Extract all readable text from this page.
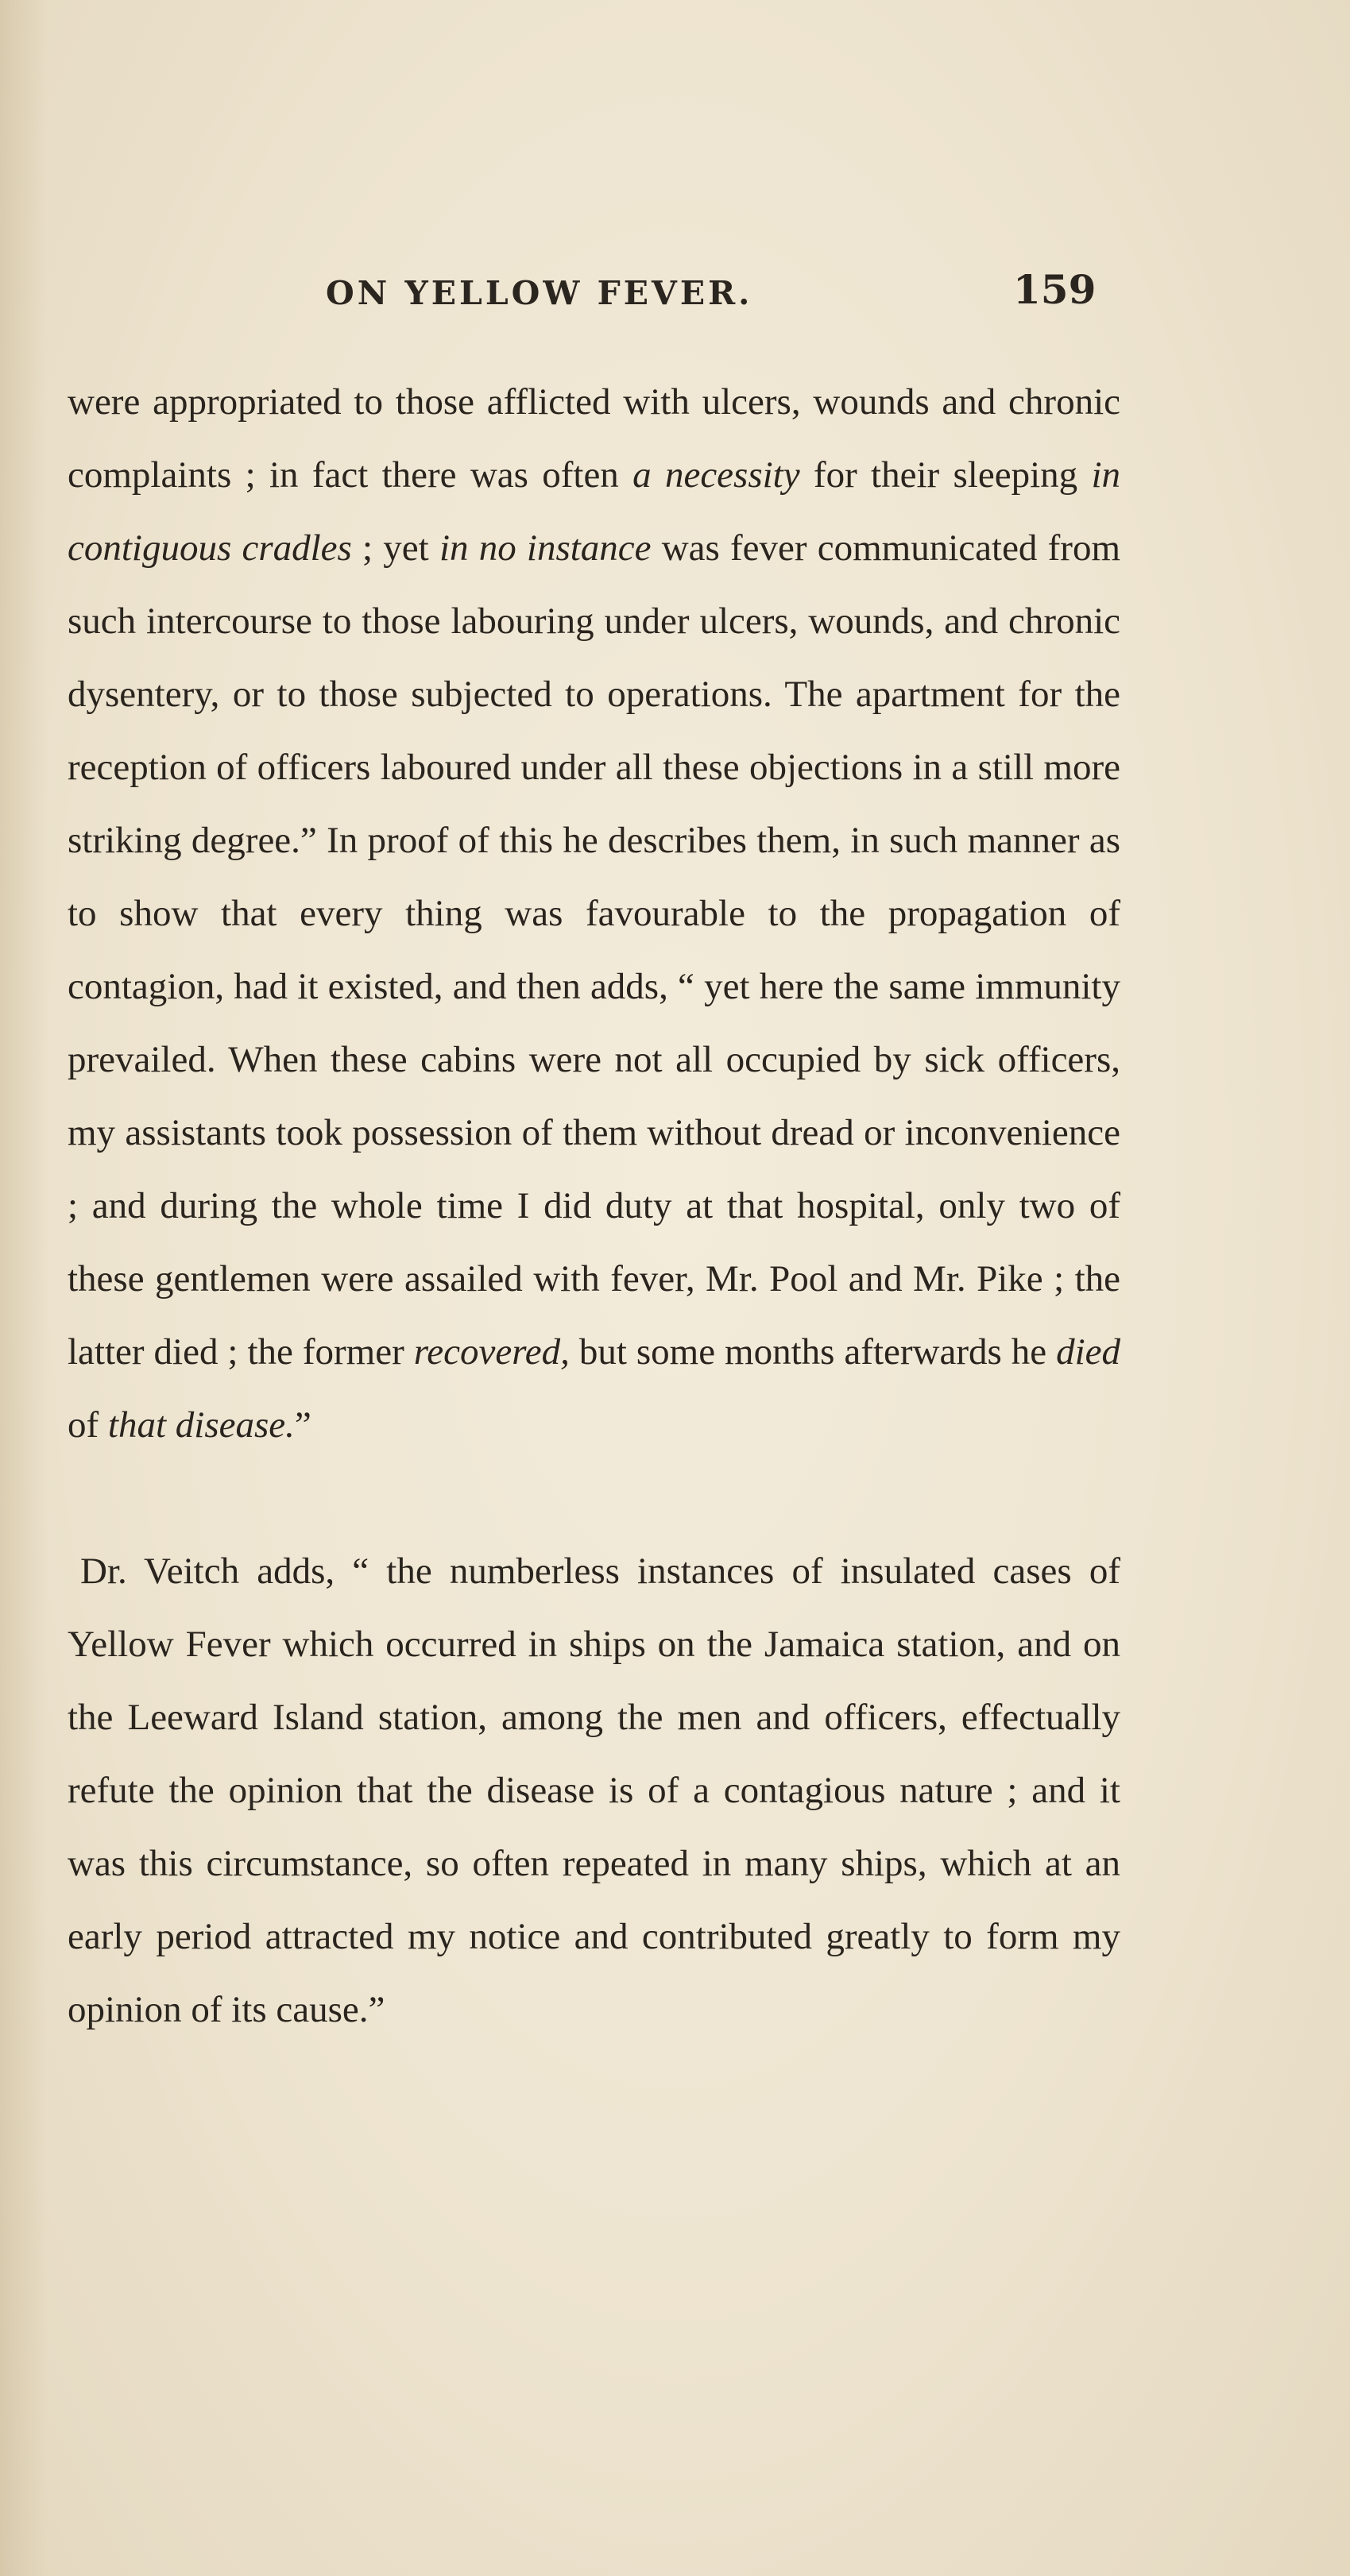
ON YELLOW FEVER.	159

were appropriated to those afflicted with ulcers, wounds and chronic complaints ; in fact there was often a necessity for their sleeping in contiguous cradles ; yet in no instance was fever communicated from such intercourse to those labouring under ulcers, wounds, and chronic dysentery, or to those subjected to operations. The apartment for the reception of officers laboured under all these objections in a still more striking degree.” In proof of this he describes them, in such manner as to show that every thing was favourable to the propagation of contagion, had it existed, and then adds, “ yet here the same immunity prevailed. When these cabins were not all occupied by sick officers, my assistants took possession of them without dread or inconvenience ; and during the whole time I did duty at that hospital, only two of these gentlemen were assailed with fever, Mr. Pool and Mr. Pike ; the latter died ; the former recovered, but some months afterwards he died of that disease.”

Dr. Veitch adds, “ the numberless instances of insulated cases of Yellow Fever which occurred in ships on the Jamaica station, and on the Leeward Island station, among the men and officers, effectually refute the opinion that the disease is of a contagious nature ; and it was this circumstance, so often repeated in many ships, which at an early period attracted my notice and contributed greatly to form my opinion of its cause.”
